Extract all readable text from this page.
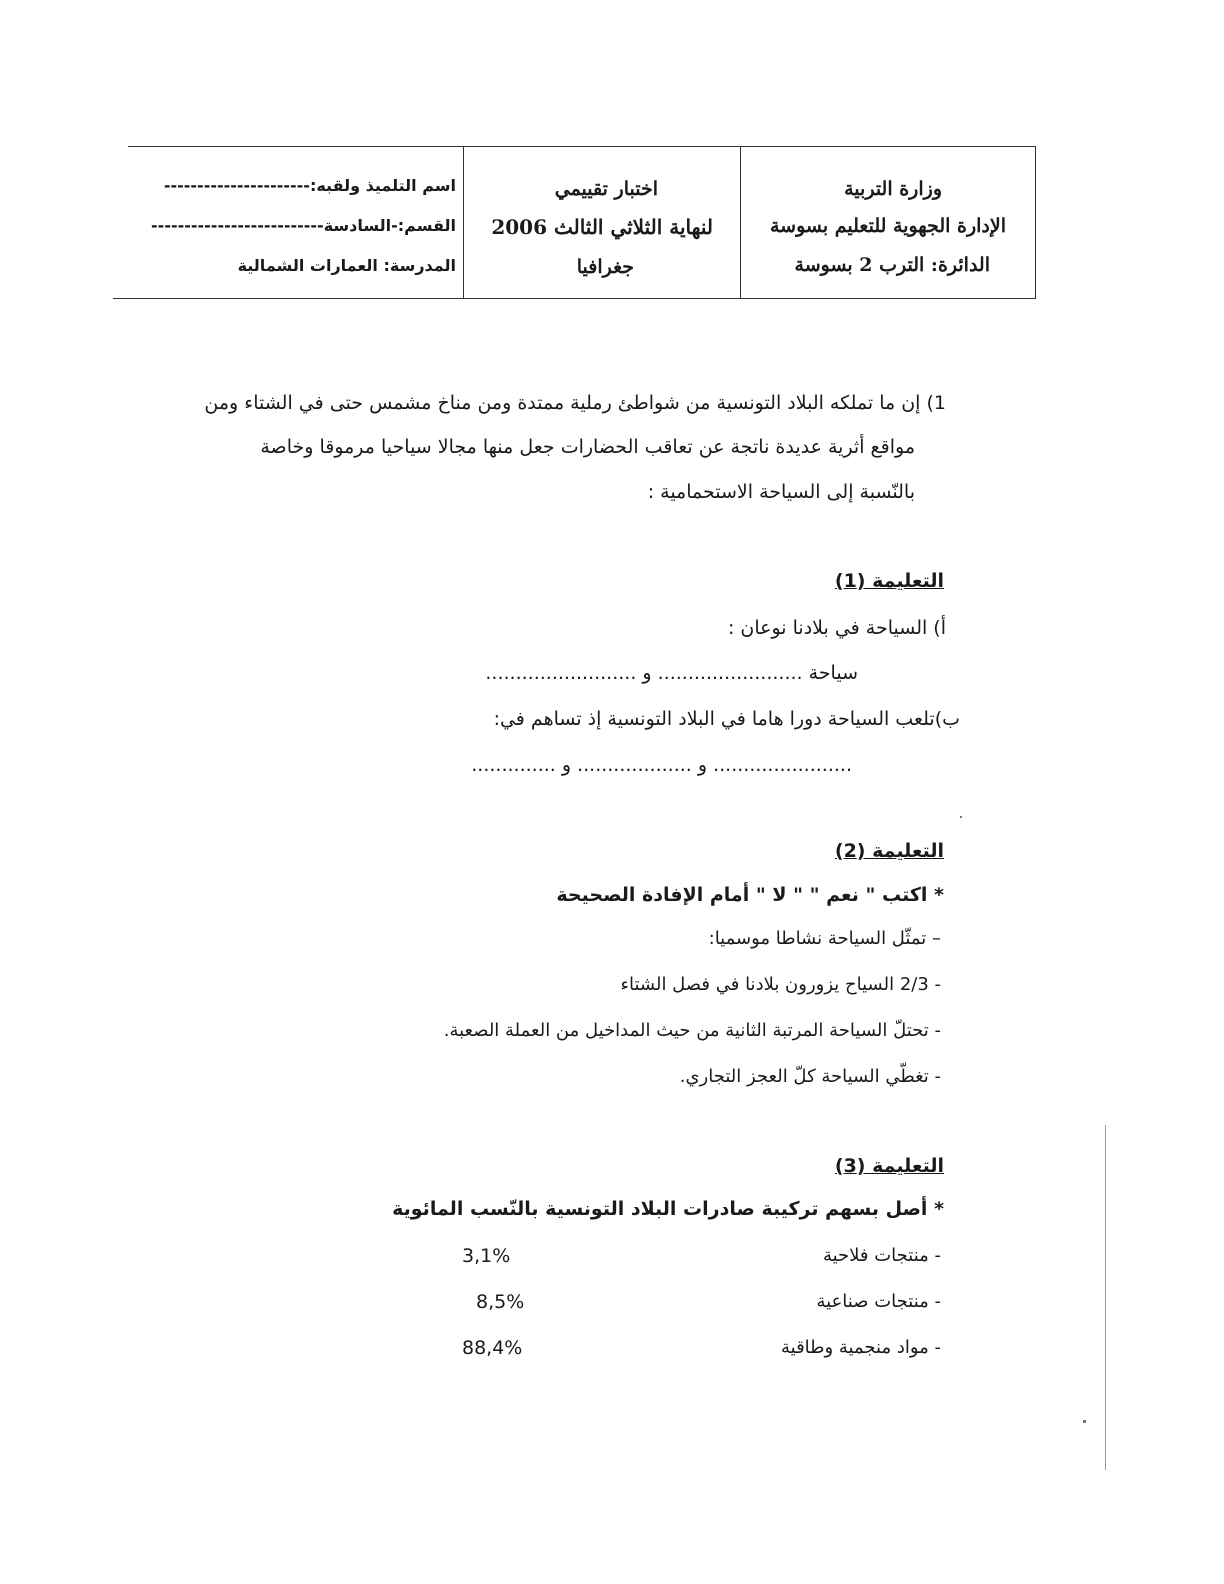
وزارة التربية
الإدارة الجهوية للتعليم بسوسة
الدائرة: الترب 2 بسوسة
اختبار تقييمي
لنهاية الثلاثي الثالث 2006
جغرافيا
اسم التلميذ ولقبه:----------------------
القسم:-السادسة--------------------------
المدرسة: العمارات الشمالية
1) إن ما تملكه البلاد التونسية من شواطئ رملية ممتدة ومن مناخ مشمس حتى في الشتاء ومن
مواقع أثرية عديدة ناتجة عن تعاقب الحضارات جعل منها مجالا سياحيا مرموقا وخاصة
بالنّسبة إلى السياحة الاستحمامية :
التعليمة (1)
أ) السياحة في بلادنا نوعان :
سياحة ........................ و .........................
ب)تلعب السياحة دورا هاما في البلاد التونسية إذ تساهم في:
....................... و ................... و ..............
التعليمة (2)
* اكتب " نعم " " لا " أمام الإفادة الصحيحة
– تمثّل السياحة نشاطا موسميا:
- 2/3 السياح يزورون بلادنا في فصل الشتاء
- تحتلّ السياحة المرتبة الثانية من حيث المداخيل من العملة الصعبة.
- تغطّي السياحة كلّ العجز التجاري.
التعليمة (3)
* أصل بسهم تركيبة صادرات البلاد التونسية بالنّسب المائوية
- منتجات فلاحية
3,1%
- منتجات صناعية
8,5%
- مواد منجمية وطاقية
88,4%
